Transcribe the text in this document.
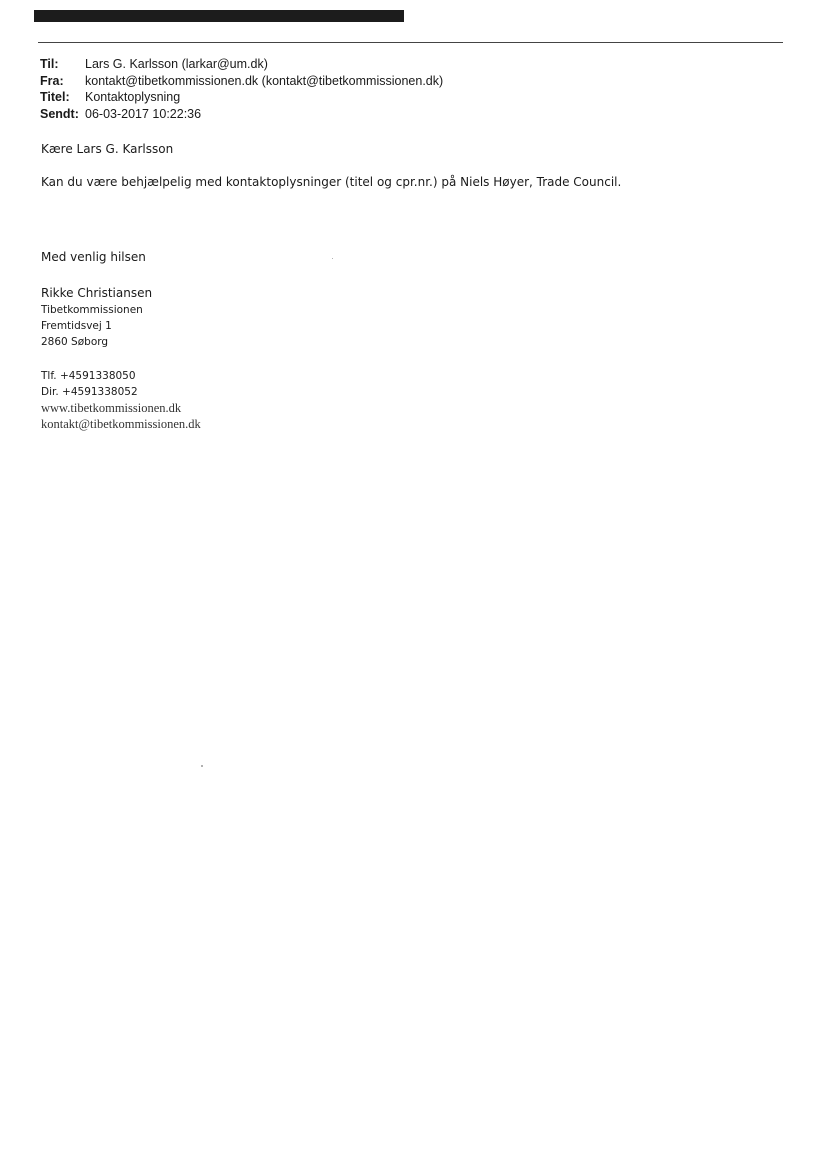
Til:	Lars G. Karlsson (larkar@um.dk)
Fra:	kontakt@tibetkommissionen.dk (kontakt@tibetkommissionen.dk)
Titel:	Kontaktoplysning
Sendt: 06-03-2017 10:22:36
Kære Lars G. Karlsson
Kan du være behjælpelig med kontaktoplysninger (titel og cpr.nr.) på Niels Høyer, Trade Council.
Med venlig hilsen
Rikke Christiansen
Tibetkommissionen
Fremtidsvej 1
2860 Søborg
Tlf. +4591338050
Dir. +4591338052
www.tibetkommissionen.dk
kontakt@tibetkommissionen.dk
